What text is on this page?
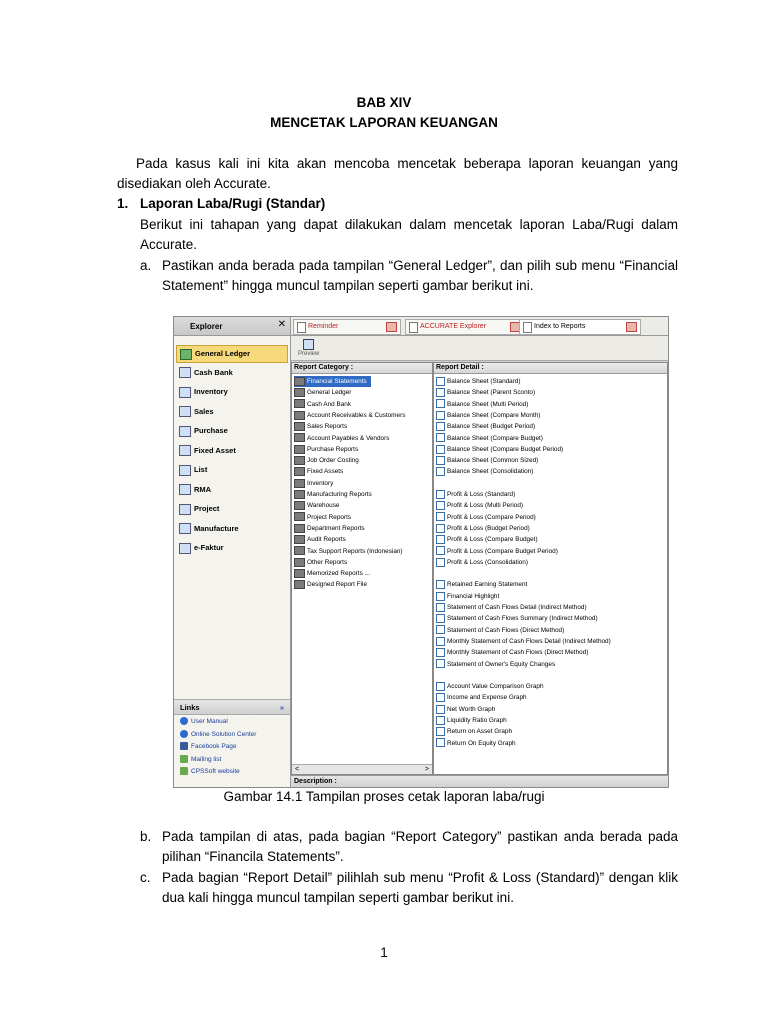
BAB XIV
MENCETAK LAPORAN KEUANGAN
Pada kasus kali ini kita akan mencoba mencetak beberapa laporan keuangan yang
disediakan oleh Accurate.
1. Laporan Laba/Rugi (Standar)
Berikut ini tahapan yang dapat dilakukan dalam mencetak laporan Laba/Rugi dalam
Accurate.
a. Pastikan anda berada pada tampilan “General Ledger”, dan pilih sub menu “Financial
Statement” hingga muncul tampilan seperti gambar berikut ini.
Explorer	✕
General Ledger
Cash Bank
Inventory
Sales
Purchase
Fixed Asset
List
RMA
Project
Manufacture
e-Faktur
Links	»
User Manual
Online Solution Center
Facebook Page
Mailing list
CPSSoft website
Reminder	ACCURATE Explorer	Index to Reports
Preview
Report Category :
Financial Statements
General Ledger
Cash And Bank
Account Receivables & Customers
Sales Reports
Account Payables & Vendors
Purchase Reports
Job Order Costing
Fixed Assets
Inventory
Manufacturing Reports
Warehouse
Project Reports
Department Reports
Audit Reports
Tax Support Reports (Indonesian)
Other Reports
Memorized Reports ...
Designed Report File
<	>
Report Detail :
Balance Sheet (Standard)
Balance Sheet (Parent Sconto)
Balance Sheet (Multi Period)
Balance Sheet (Compare Month)
Balance Sheet (Budget Period)
Balance Sheet (Compare Budget)
Balance Sheet (Compare Budget Period)
Balance Sheet (Common Sized)
Balance Sheet (Consolidation)
Profit & Loss (Standard)
Profit & Loss (Multi Period)
Profit & Loss (Compare Period)
Profit & Loss (Budget Period)
Profit & Loss (Compare Budget)
Profit & Loss (Compare Budget Period)
Profit & Loss (Consolidation)
Retained Earning Statement
Financial Highlight
Statement of Cash Flows Detail (Indirect Method)
Statement of Cash Flows Summary (Indirect Method)
Statement of Cash Flows (Direct Method)
Monthly Statement of Cash Flows Detail (Indirect Method)
Monthly Statement of Cash Flows (Direct Method)
Statement of Owner's Equity Changes
Account Value Comparison Graph
Income and Expense Graph
Net Worth Graph
Liquidity Ratio Graph
Return on Asset Graph
Return On Equity Graph
Description :
Gambar 14.1 Tampilan proses cetak laporan laba/rugi
b. Pada tampilan di atas, pada bagian “Report Category” pastikan anda berada pada
pilihan “Financila Statements”.
c. Pada bagian “Report Detail” pilihlah sub menu “Profit & Loss (Standard)” dengan klik
dua kali hingga muncul tampilan seperti gambar berikut ini.
1
